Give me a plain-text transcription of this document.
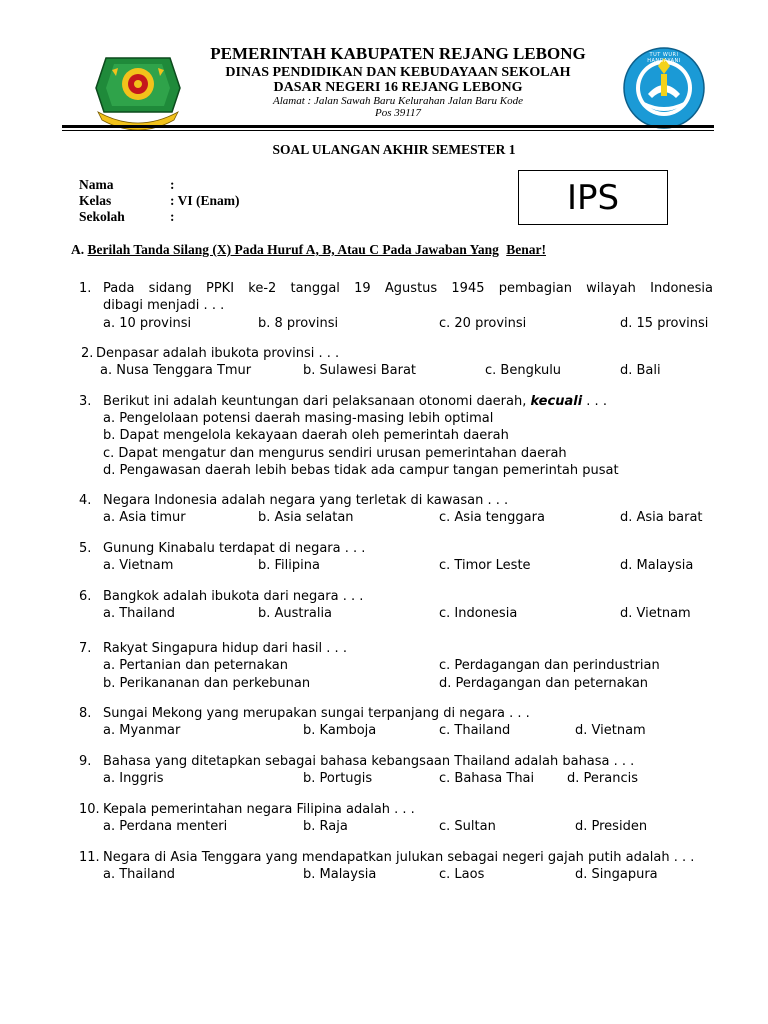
TUT WURI HANDAYANI
PEMERINTAH KABUPATEN REJANG LEBONG
DINAS PENDIDIKAN DAN KEBUDAYAAN SEKOLAH
DASAR NEGERI 16 REJANG LEBONG
Alamat : Jalan Sawah Baru Kelurahan Jalan Baru Kode
Pos 39117
SOAL ULANGAN AKHIR SEMESTER 1
Nama	:
Kelas	: VI (Enam)
Sekolah	:	IPS
A. Berilah Tanda Silang (X) Pada Huruf A, B, Atau C Pada Jawaban Yang Benar!
1. Pada sidang PPKI ke-2 tanggal 19 Agustus 1945 pembagian wilayah Indonesia
dibagi menjadi . . .
a. 10 provinsi	b. 8 provinsi	c. 20 provinsi	d. 15 provinsi
2. Denpasar adalah ibukota provinsi . . .
a. Nusa Tenggara Tmur	b. Sulawesi Barat	c. Bengkulu	d. Bali
3. Berikut ini adalah keuntungan dari pelaksanaan otonomi daerah, kecuali . . .
a. Pengelolaan potensi daerah masing-masing lebih optimal
b. Dapat mengelola kekayaan daerah oleh pemerintah daerah
c. Dapat mengatur dan mengurus sendiri urusan pemerintahan daerah
d. Pengawasan daerah lebih bebas tidak ada campur tangan pemerintah pusat
4. Negara Indonesia adalah negara yang terletak di kawasan . . .
a. Asia timur	b. Asia selatan	c. Asia tenggara	d. Asia barat
5. Gunung Kinabalu terdapat di negara . . .
a. Vietnam	b. Filipina	c. Timor Leste	d. Malaysia
6. Bangkok adalah ibukota dari negara . . .
a. Thailand	b. Australia	c. Indonesia	d. Vietnam
7. Rakyat Singapura hidup dari hasil . . .
a. Pertanian dan peternakan	c. Perdagangan dan perindustrian
b. Perikananan dan perkebunan	d. Perdagangan dan peternakan
8. Sungai Mekong yang merupakan sungai terpanjang di negara . . .
a. Myanmar	b. Kamboja	c. Thailand	d. Vietnam
9. Bahasa yang ditetapkan sebagai bahasa kebangsaan Thailand adalah bahasa . . .
a. Inggris	b. Portugis	c. Bahasa Thai	d. Perancis
10. Kepala pemerintahan negara Filipina adalah . . .
a. Perdana menteri	b. Raja	c. Sultan	d. Presiden
11. Negara di Asia Tenggara yang mendapatkan julukan sebagai negeri gajah putih adalah . . .
a. Thailand	b. Malaysia	c. Laos	d. Singapura
